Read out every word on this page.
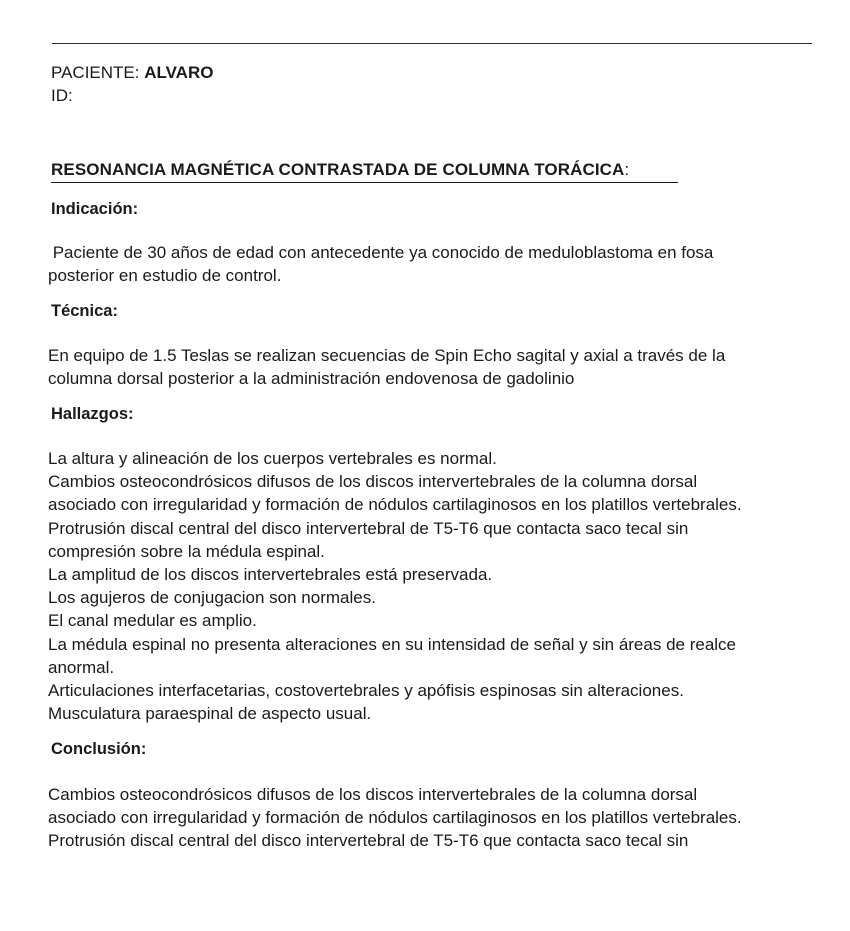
PACIENTE: ALVARO
ID:
RESONANCIA MAGNÉTICA CONTRASTADA DE COLUMNA TORÁCICA:
Indicación:
Paciente de 30 años de edad con antecedente ya conocido de meduloblastoma en fosa
posterior en estudio de control.
Técnica:
En equipo de 1.5 Teslas se realizan secuencias de Spin Echo sagital y axial a través de la
columna dorsal posterior a la administración endovenosa de gadolinio
Hallazgos:
La altura y alineación de los cuerpos vertebrales es normal.
Cambios osteocondrósicos difusos de los discos intervertebrales de la columna dorsal
asociado con irregularidad y formación de nódulos cartilaginosos en los platillos vertebrales.
Protrusión discal central del disco intervertebral de T5-T6 que contacta saco tecal sin
compresión sobre la médula espinal.
La amplitud de los discos intervertebrales está preservada.
Los agujeros de conjugacion son normales.
El canal medular es amplio.
La médula espinal no presenta alteraciones en su intensidad de señal y sin áreas de realce
anormal.
Articulaciones interfacetarias, costovertebrales y apófisis espinosas sin alteraciones.
Musculatura paraespinal de aspecto usual.
Conclusión:
Cambios osteocondrósicos difusos de los discos intervertebrales de la columna dorsal
asociado con irregularidad y formación de nódulos cartilaginosos en los platillos vertebrales.
Protrusión discal central del disco intervertebral de T5-T6 que contacta saco tecal sin
